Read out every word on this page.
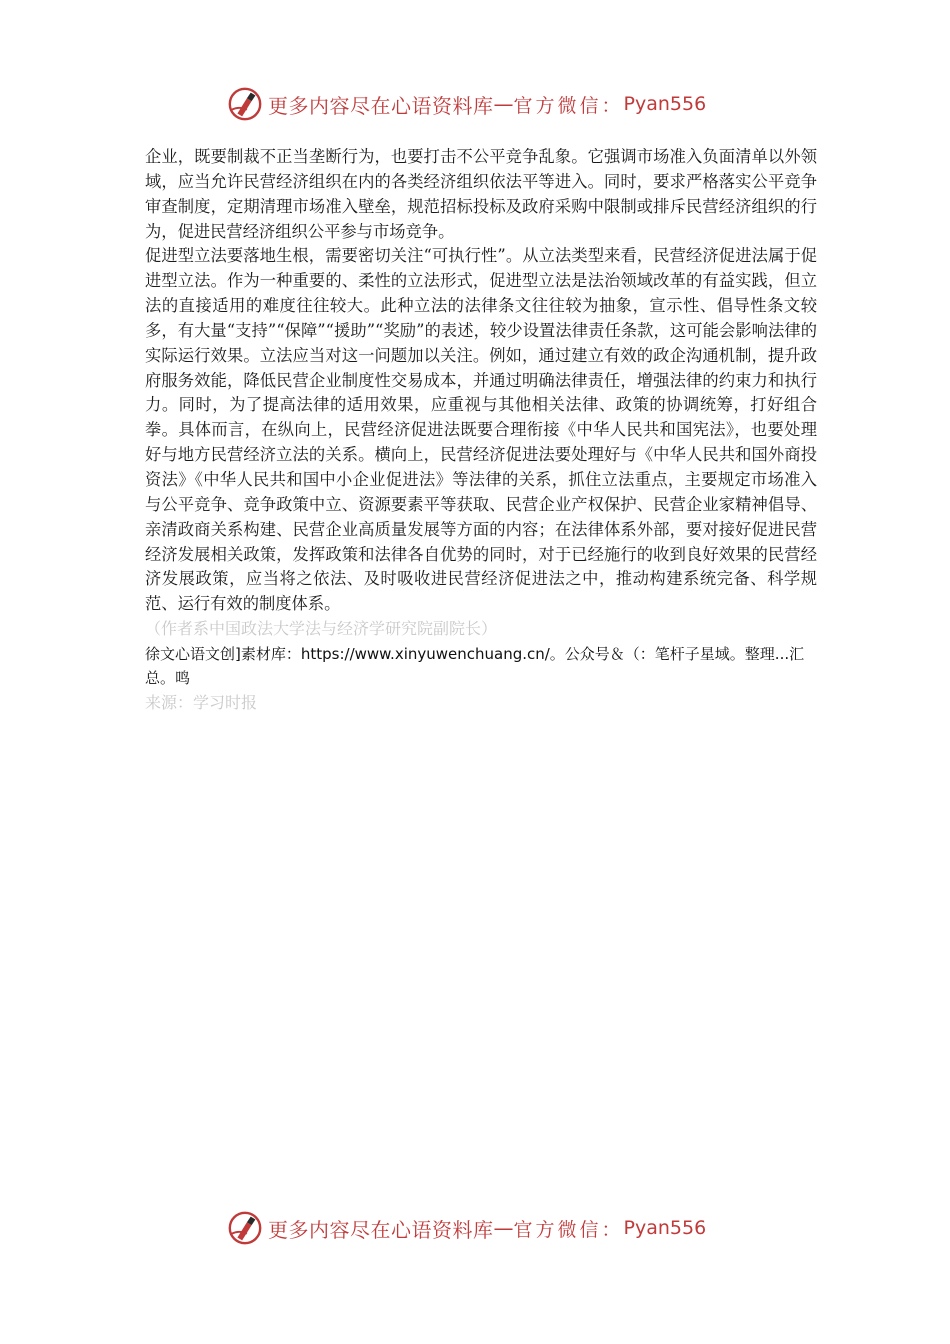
更多内容尽在心语资料库 — 官方微信： Pyan556

企业，既要制裁不正当垄断行为，也要打击不公平竞争乱象。它强调市场准入负面清单以外领域，应当允许民营经济组织在内的各类经济组织依法平等进入。同时，要求严格落实公平竞争审查制度，定期清理市场准入壁垒，规范招标投标及政府采购中限制或排斥民营经济组织的行为，促进民营经济组织公平参与市场竞争。

促进型立法要落地生根，需要密切关注“可执行性”。从立法类型来看，民营经济促进法属于促进型立法。作为一种重要的、柔性的立法形式，促进型立法是法治领域改革的有益实践，但立法的直接适用的难度往往较大。此种立法的法律条文往往较为抽象，宣示性、倡导性条文较多，有大量“支持”“保障”“援助”“奖励”的表述，较少设置法律责任条款，这可能会影响法律的实际运行效果。立法应当对这一问题加以关注。例如，通过建立有效的政企沟通机制，提升政府服务效能，降低民营企业制度性交易成本，并通过明确法律责任，增强法律的约束力和执行力。同时，为了提高法律的适用效果，应重视与其他相关法律、政策的协调统筹，打好组合拳。具体而言，在纵向上，民营经济促进法既要合理衔接《中华人民共和国宪法》，也要处理好与地方民营经济立法的关系。横向上，民营经济促进法要处理好与《中华人民共和国外商投资法》《中华人民共和国中小企业促进法》等法律的关系，抓住立法重点，主要规定市场准入与公平竞争、竞争政策中立、资源要素平等获取、民营企业产权保护、民营企业家精神倡导、亲清政商关系构建、民营企业高质量发展等方面的内容；在法律体系外部，要对接好促进民营经济发展相关政策，发挥政策和法律各自优势的同时，对于已经施行的收到良好效果的民营经济发展政策，应当将之依法、及时吸收进民营经济促进法之中，推动构建系统完备、科学规范、运行有效的制度体系。

（作者系中国政法大学法与经济学研究院副院长）

徐文心语文创]素材库：https://www.xinyuwenchuang.cn/。公众号＆（：笔杆子星域。整理...汇总。鸣

来源：学习时报

更多内容尽在心语资料库 — 官方微信： Pyan556
